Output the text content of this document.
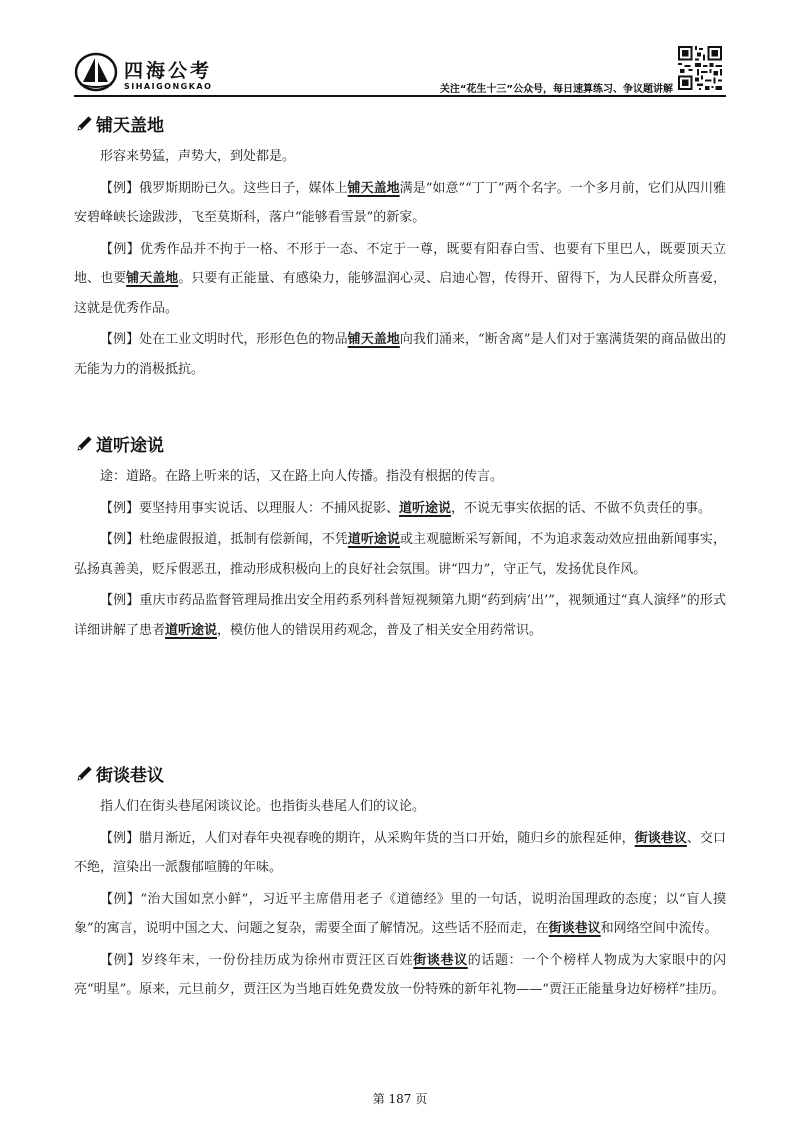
四海公考
SIHAIGONGKAO	关注“花生十三”公众号，每日速算练习、争议题讲解
铺天盖地

形容来势猛，声势大，到处都是。

【例】俄罗斯期盼已久。这些日子，媒体上铺天盖地满是“如意”“丁丁”两个名字。一个多月前，它们从四川雅安碧峰峡长途跋涉，飞至莫斯科，落户“能够看雪景”的新家。

【例】优秀作品并不拘于一格、不形于一态、不定于一尊，既要有阳春白雪、也要有下里巴人，既要顶天立地、也要铺天盖地。只要有正能量、有感染力，能够温润心灵、启迪心智，传得开、留得下，为人民群众所喜爱，这就是优秀作品。

【例】处在工业文明时代，形形色色的物品铺天盖地向我们涌来，“断舍离”是人们对于塞满货架的商品做出的无能为力的消极抵抗。

道听途说

途：道路。在路上听来的话，又在路上向人传播。指没有根据的传言。

【例】要坚持用事实说话、以理服人：不捕风捉影、道听途说，不说无事实依据的话、不做不负责任的事。

【例】杜绝虚假报道，抵制有偿新闻，不凭道听途说或主观臆断采写新闻，不为追求轰动效应扭曲新闻事实，弘扬真善美，贬斥假恶丑，推动形成积极向上的良好社会氛围。讲“四力”，守正气，发扬优良作风。

【例】重庆市药品监督管理局推出安全用药系列科普短视频第九期“药到病‘出’”，视频通过“真人演绎”的形式详细讲解了患者道听途说，模仿他人的错误用药观念，普及了相关安全用药常识。

街谈巷议

指人们在街头巷尾闲谈议论。也指街头巷尾人们的议论。

【例】腊月渐近，人们对春年央视春晚的期许，从采购年货的当口开始，随归乡的旅程延伸，街谈巷议、交口不绝，渲染出一派馥郁喧腾的年味。

【例】“治大国如烹小鲜”，习近平主席借用老子《道德经》里的一句话，说明治国理政的态度；以“盲人摸象”的寓言，说明中国之大、问题之复杂，需要全面了解情况。这些话不胫而走，在街谈巷议和网络空间中流传。

【例】岁终年末，一份份挂历成为徐州市贾汪区百姓街谈巷议的话题：一个个榜样人物成为大家眼中的闪亮“明星”。原来，元旦前夕，贾汪区为当地百姓免费发放一份特殊的新年礼物——“贾汪正能量身边好榜样”挂历。

第 187 页
